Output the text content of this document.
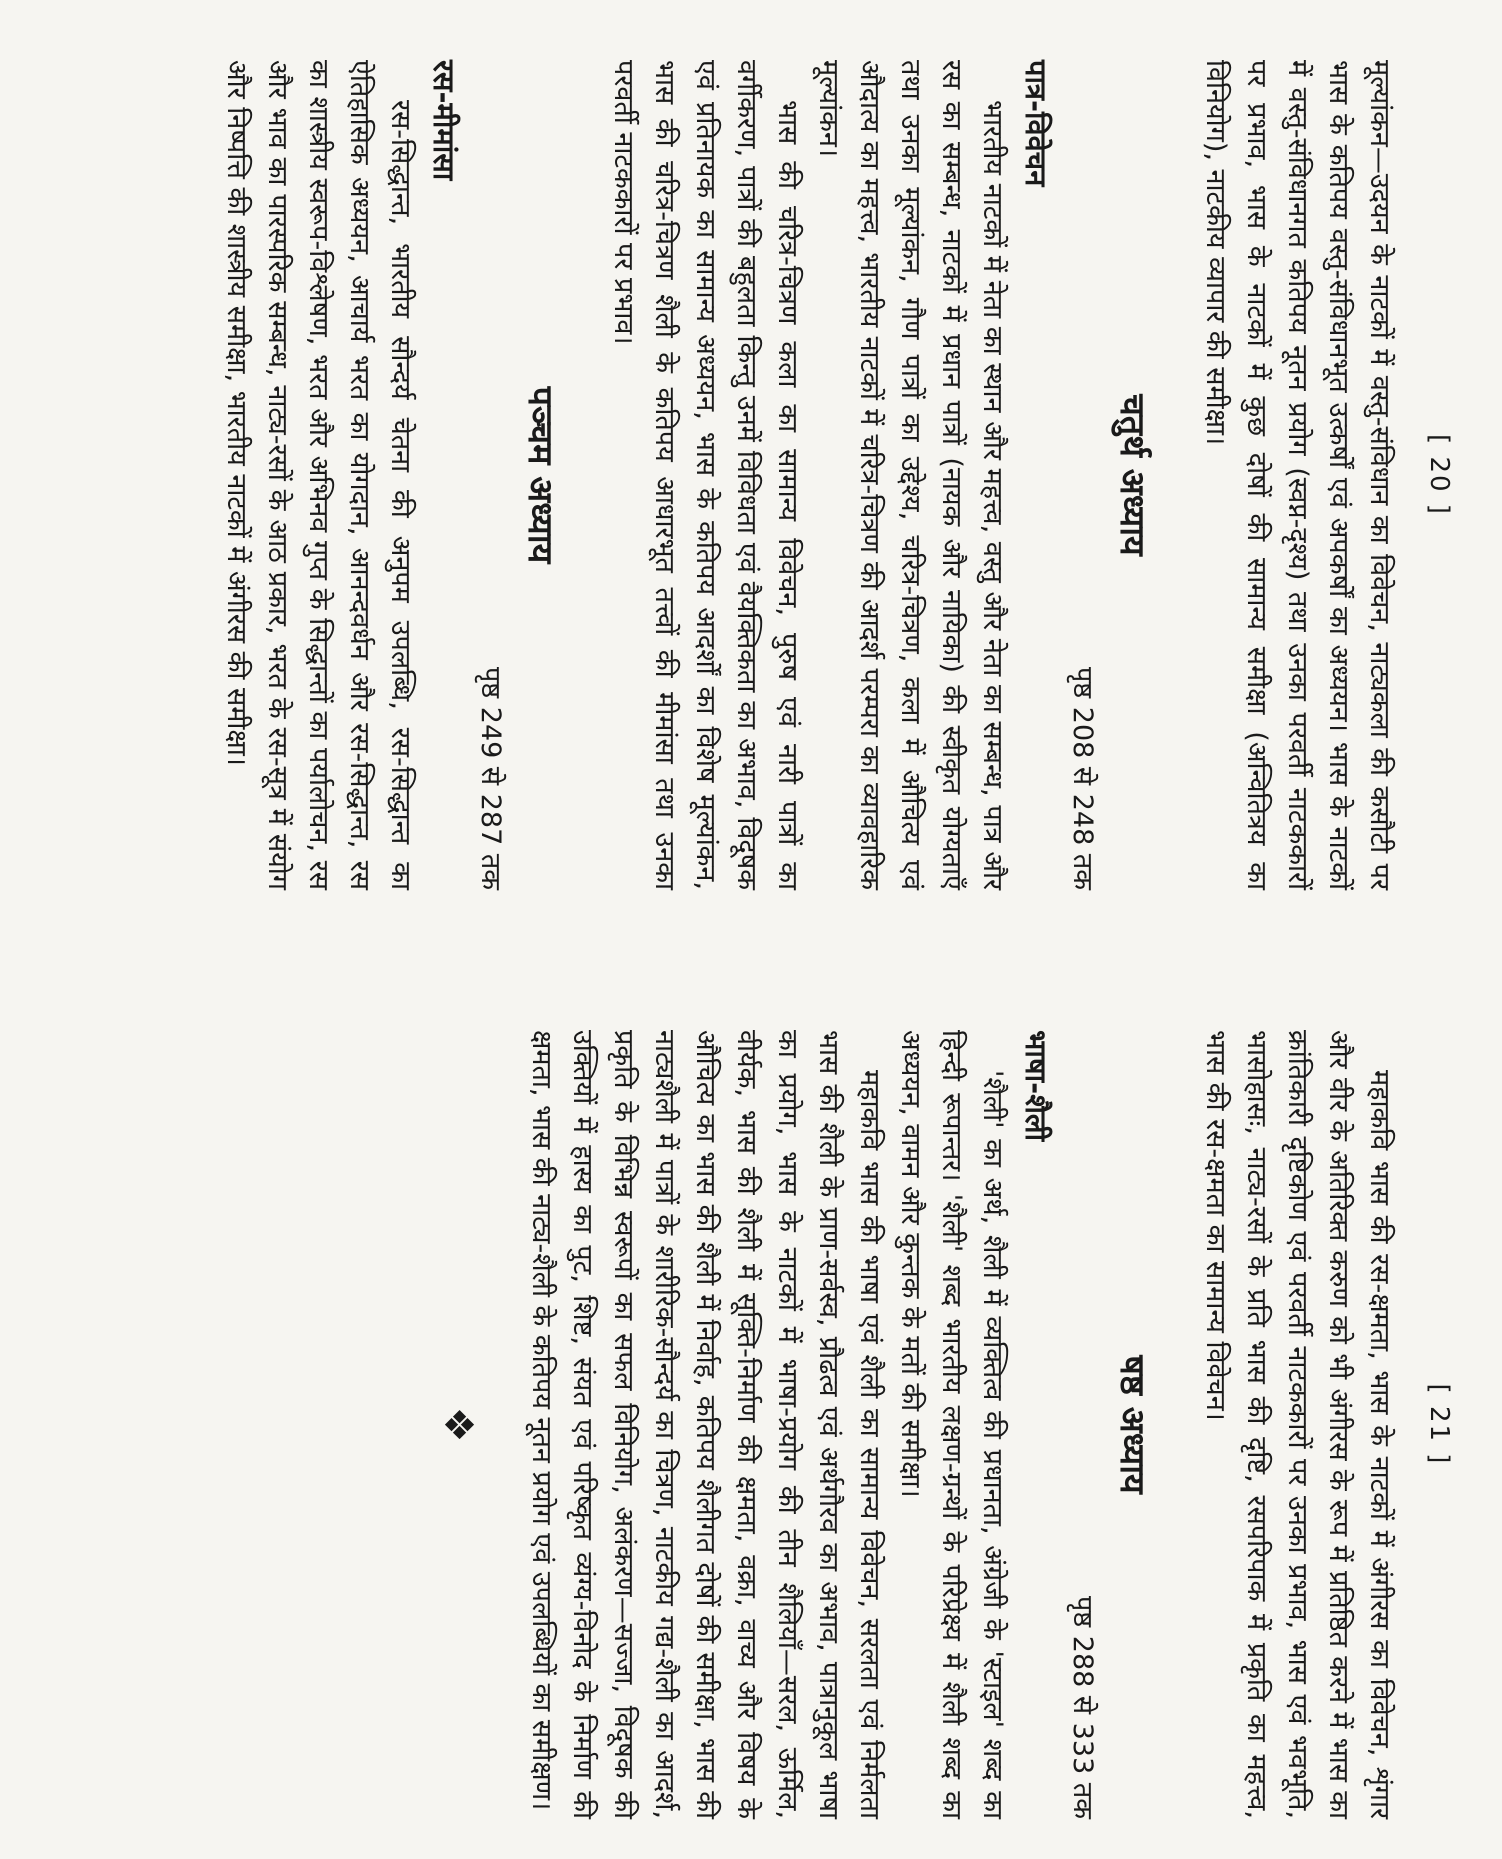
[ 20 ]

मूल्यांकन—उदयन के नाटकों में वस्तु-संविधान का विवेचन, नाट्यकला की कसौटी पर भास के कतिपय वस्तु-संविधानभूत उत्कर्षों एवं अपकर्षों का अध्ययन। भास के नाटकों में वस्तु-संविधानगत कतिपय नूतन प्रयोग (स्वप्न-दृश्य) तथा उनका परवर्ती नाटककारों पर प्रभाव, भास के नाटकों में कुछ दोषों की सामान्य समीक्षा (अन्वितित्रय का विनियोग), नाटकीय व्यापार की समीक्षा।

चतुर्थ अध्याय
पृष्ठ 208 से 248 तक
पात्र-विवेचन

भारतीय नाटकों में नेता का स्थान और महत्त्व, वस्तु और नेता का सम्बन्ध, पात्र और रस का सम्बन्ध, नाटकों में प्रधान पात्रों (नायक और नायिका) की स्वीकृत योग्यताएँ तथा उनका मूल्यांकन, गौण पात्रों का उद्देश्य, चरित्र-चित्रण, कला में औचित्य एवं औदात्य का महत्त्व, भारतीय नाटकों में चरित्र-चित्रण की आदर्श परम्परा का व्यावहारिक मूल्यांकन।

भास की चरित्र-चित्रण कला का सामान्य विवेचन, पुरुष एवं नारी पात्रों का वर्गीकरण, पात्रों की बहुलता किन्तु उनमें विविधता एवं वैयक्तिकता का अभाव, विदूषक एवं प्रतिनायक का सामान्य अध्ययन, भास के कतिपय आदर्शों का विशेष मूल्यांकन, भास की चरित्र-चित्रण शैली के कतिपय आधारभूत तत्त्वों की मीमांसा तथा उनका परवर्ती नाटककारों पर प्रभाव।

पञ्चम अध्याय
पृष्ठ 249 से 287 तक
रस-मीमांसा

रस-सिद्धान्त, भारतीय सौन्दर्य चेतना की अनुपम उपलब्धि, रस-सिद्धान्त का ऐतिहासिक अध्ययन, आचार्य भरत का योगदान, आनन्दवर्धन और रस-सिद्धान्त, रस का शास्त्रीय स्वरूप-विश्लेषण, भरत और अभिनव गुप्त के सिद्धान्तों का पर्यालोचन, रस और भाव का पारस्परिक सम्बन्ध, नाट्य-रसों के आठ प्रकार, भरत के रस-सूत्र में संयोग और निष्पत्ति की शास्त्रीय समीक्षा, भारतीय नाटकों में अंगीरस की समीक्षा।

[ 21 ]

महाकवि भास की रस-क्षमता, भास के नाटकों में अंगीरस का विवेचन, शृंगार और वीर के अतिरिक्त करुण को भी अंगीरस के रूप में प्रतिष्ठित करने में भास का क्रांतिकारी दृष्टिकोण एवं परवर्ती नाटककारों पर उनका प्रभाव, भास एवं भवभूति, भासोहासः, नाट्य-रसों के प्रति भास की दृष्टि, रसपरिपाक में प्रकृति का महत्त्व, भास की रस-क्षमता का सामान्य विवेचन।

षष्ठ अध्याय
पृष्ठ 288 से 333 तक
भाषा-शैली

'शैली' का अर्थ, शैली में व्यक्तित्व की प्रधानता, अंग्रेजी के 'स्टाइल' शब्द का हिन्दी रूपान्तर। 'शैली' शब्द भारतीय लक्षण-ग्रन्थों के परिप्रेक्ष्य में शैली शब्द का अध्ययन, वामन और कुन्तक के मतों की समीक्षा।

महाकवि भास की भाषा एवं शैली का सामान्य विवेचन, सरलता एवं निर्मलता भास की शैली के प्राण-सर्वस्व, प्रौढत्व एवं अर्थगौरव का अभाव, पात्रानुकूल भाषा का प्रयोग, भास के नाटकों में भाषा-प्रयोग की तीन शैलियाँ—सरल, ऊर्मिल, वीर्यक, भास की शैली में सूक्ति-निर्माण की क्षमता, वक्रा, वाच्य और विषय के औचित्य का भास की शैली में निर्वाह, कतिपय शैलीगत दोषों की समीक्षा, भास की नाट्यशैली में पात्रों के शारीरिक-सौन्दर्य का चित्रण, नाटकीय गद्य-शैली का आदर्श, प्रकृति के विभिन्न स्वरूपों का सफल विनियोग, अलंकरण—सज्जा, विदूषक की उक्तियों में हास्य का पुट, शिष्ट, संयत एवं परिष्कृत व्यंग्य-विनोद के निर्माण की क्षमता, भास की नाट्य-शैली के कतिपय नूतन प्रयोग एवं उपलब्धियों का समीक्षण।

❖
